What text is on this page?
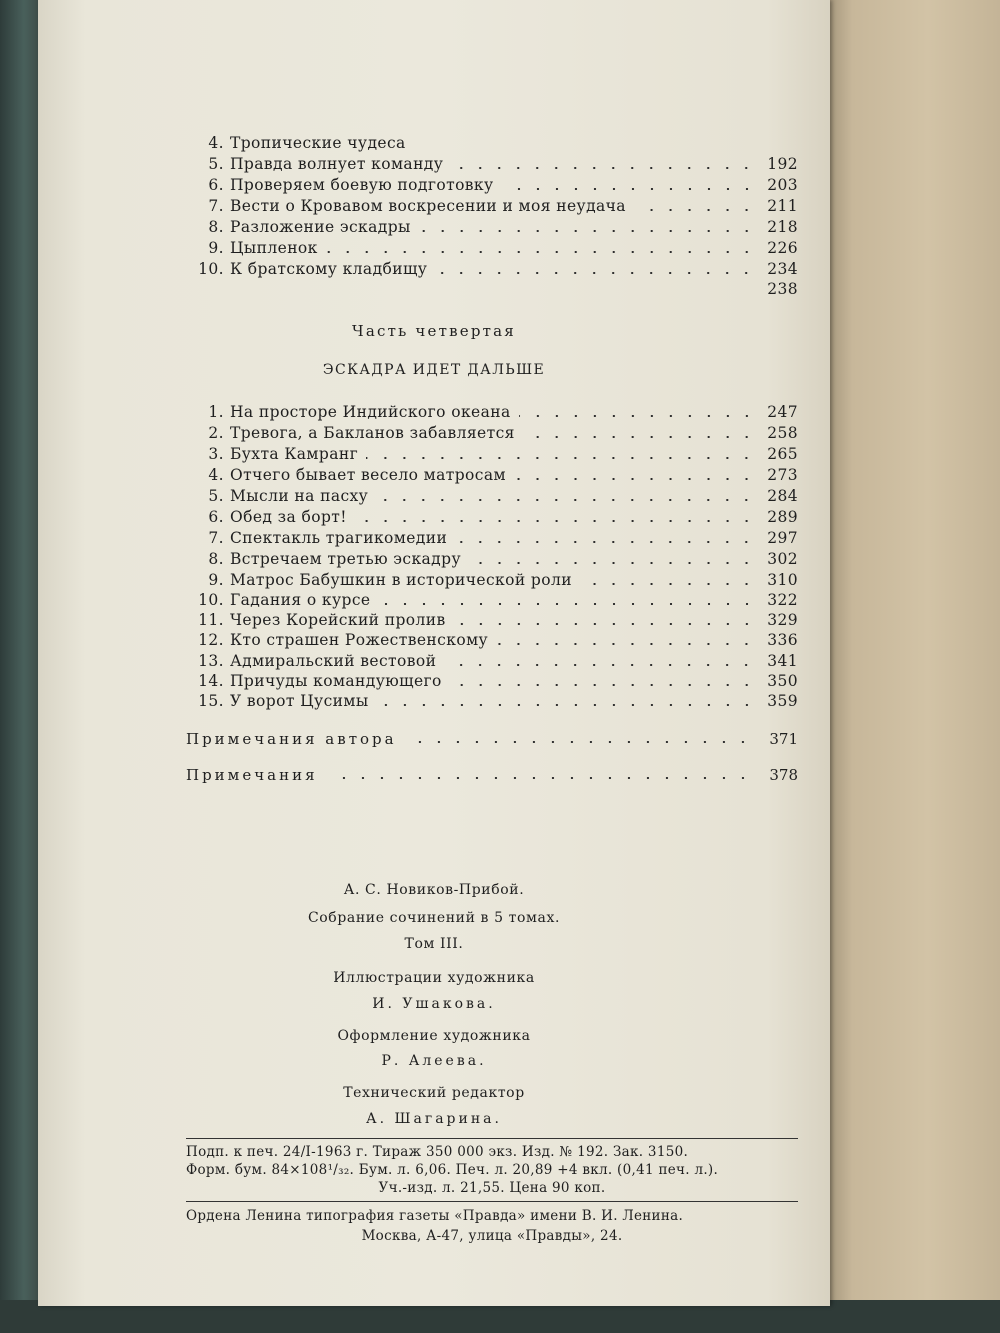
4. Тропические чудеса
5. Правда волнует команду	192
6. Проверяем боевую подготовку	203
7. Вести о Кровавом воскресении и моя неудача	211
8. Разложение эскадры	218
9. Цыпленок	226
10. К братскому кладбищу	234
238
Часть четвертая
ЭСКАДРА ИДЕТ ДАЛЬШЕ
1. На просторе Индийского океана	247
2. Тревога, а Бакланов забавляется	258
3. Бухта Камранг	265
4. Отчего бывает весело матросам	273
5. Мысли на пасху	284
6. Обед за борт!	289
7. Спектакль трагикомедии	297
8. Встречаем третью эскадру	302
9. Матрос Бабушкин в исторической роли	310
10. Гадания о курсе	322
11. Через Корейский пролив	329
12. Кто страшен Рожественскому	336
13. Адмиральский вестовой	341
14. Причуды командующего	350
15. У ворот Цусимы	359
Примечания автора	371
Примечания	378
А. С. Новиков-Прибой.
Собрание сочинений в 5 томах.
Том III.
Иллюстрации художника
И. Ушакова.
Оформление художника
Р. Алеева.
Технический редактор
А. Шагарина.
Подп. к печ. 24/I-1963 г. Тираж 350 000 экз. Изд. № 192. Зак. 3150.
Форм. бум. 84×108¹/₃₂. Бум. л. 6,06. Печ. л. 20,89 +4 вкл. (0,41 печ. л.).
Уч.-изд. л. 21,55. Цена 90 коп.
Ордена Ленина типография газеты «Правда» имени В. И. Ленина.
Москва, А-47, улица «Правды», 24.
